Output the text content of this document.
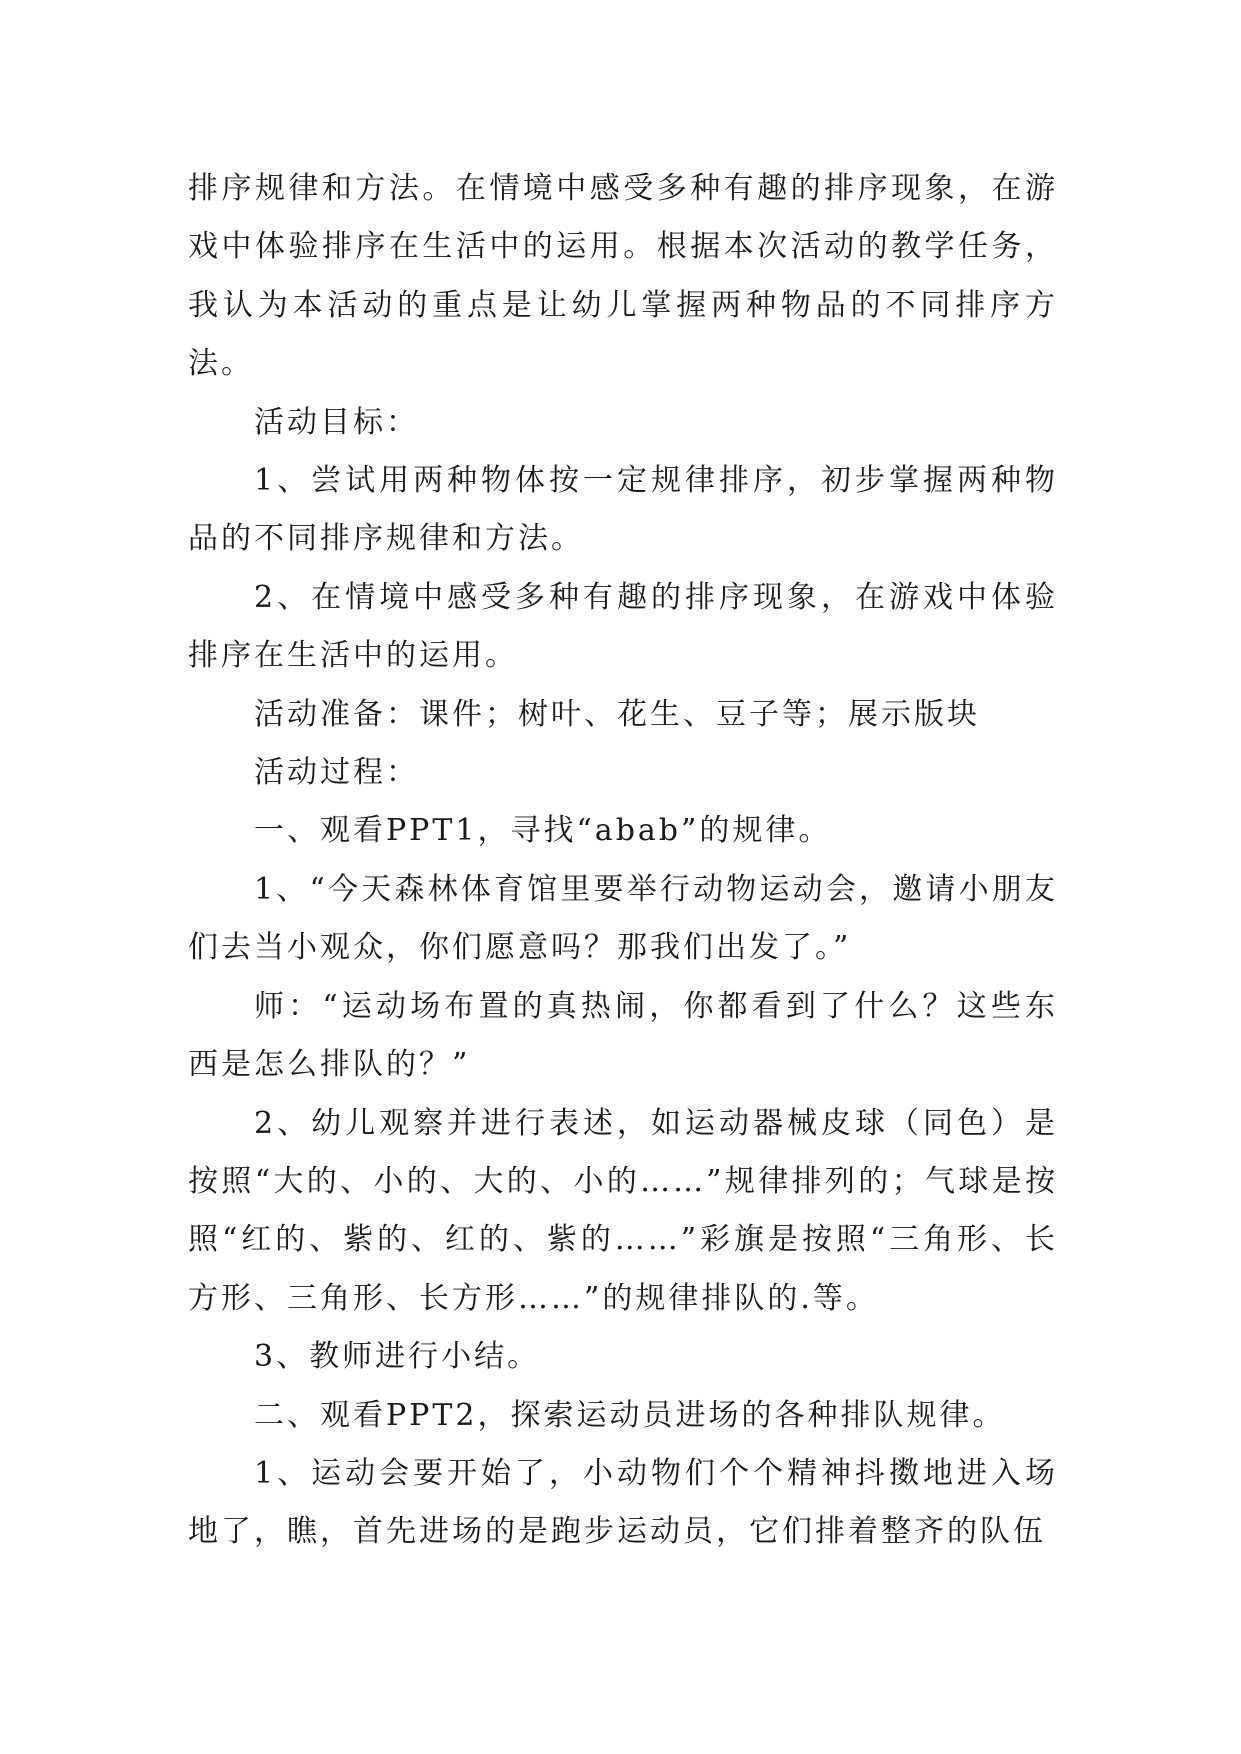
排序规律和方法。在情境中感受多种有趣的排序现象，在游戏中体验排序在生活中的运用。根据本次活动的教学任务，我认为本活动的重点是让幼儿掌握两种物品的不同排序方法。

活动目标：

1、尝试用两种物体按一定规律排序，初步掌握两种物品的不同排序规律和方法。

2、在情境中感受多种有趣的排序现象，在游戏中体验排序在生活中的运用。

活动准备：课件；树叶、花生、豆子等；展示版块

活动过程：

一、观看PPT1，寻找“abab”的规律。

1、“今天森林体育馆里要举行动物运动会，邀请小朋友们去当小观众，你们愿意吗？那我们出发了。”

师：“运动场布置的真热闹，你都看到了什么？这些东西是怎么排队的？”

2、幼儿观察并进行表述，如运动器械皮球（同色）是按照“大的、小的、大的、小的……”规律排列的；气球是按照“红的、紫的、红的、紫的……”彩旗是按照“三角形、长方形、三角形、长方形……”的规律排队的.等。

3、教师进行小结。

二、观看PPT2，探索运动员进场的各种排队规律。

1、运动会要开始了，小动物们个个精神抖擞地进入场地了，瞧，首先进场的是跑步运动员，它们排着整齐的队伍
